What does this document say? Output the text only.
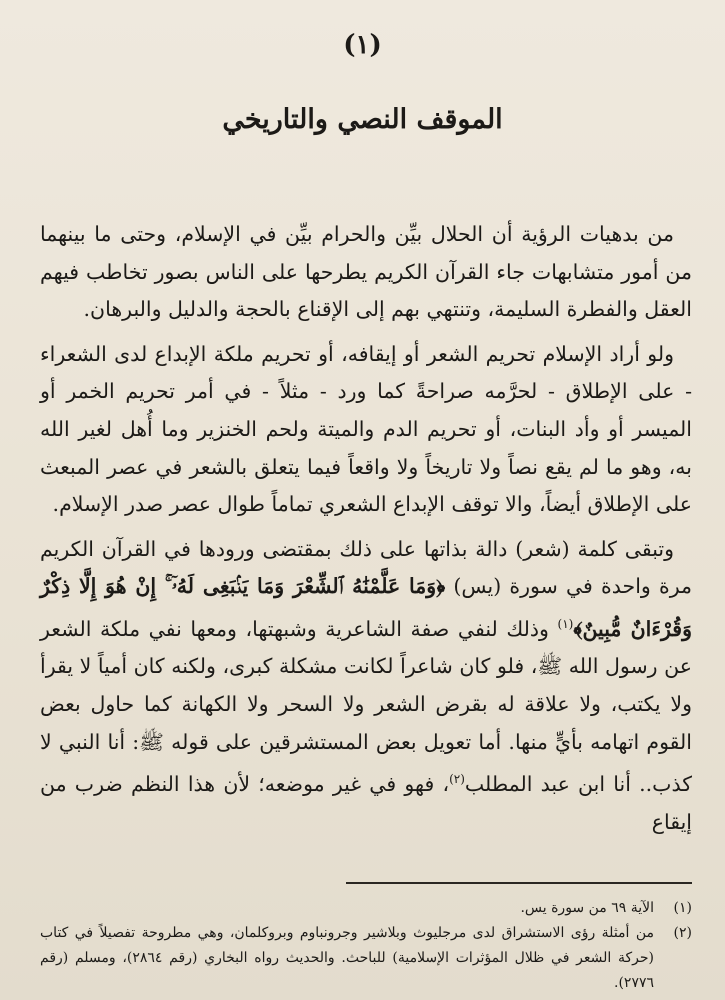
(١)
الموقف النصي والتاريخي

من بدهيات الرؤية أن الحلال بيِّن والحرام بيِّن في الإسلام، وحتى ما بينهما من أمور متشابهات جاء القرآن الكريم يطرحها على الناس بصور تخاطب فيهم العقل والفطرة السليمة، وتنتهي بهم إلى الإقناع بالحجة والدليل والبرهان.

ولو أراد الإسلام تحريم الشعر أو إيقافه، أو تحريم ملكة الإبداع لدى الشعراء - على الإطلاق - لحرَّمه صراحةً كما ورد - مثلاً - في أمر تحريم الخمر أو الميسر أو وأد البنات، أو تحريم الدم والميتة ولحم الخنزير وما أُهل لغير الله به، وهو ما لم يقع نصاً ولا تاريخاً ولا واقعاً فيما يتعلق بالشعر في عصر المبعث على الإطلاق أيضاً، والا توقف الإبداع الشعري تماماً طوال عصر صدر الإسلام.

وتبقى كلمة (شعر) دالة بذاتها على ذلك بمقتضى ورودها في القرآن الكريم مرة واحدة في سورة (يس) ﴿وَمَا عَلَّمْنَٰهُ ٱلشِّعْرَ وَمَا يَنۢبَغِى لَهُۥٓ ۚ إِنْ هُوَ إِلَّا ذِكْرٌ وَقُرْءَانٌ مُّبِينٌ﴾$^{(١)}$ وذلك لنفي صفة الشاعرية وشبهتها، ومعها نفي ملكة الشعر عن رسول الله ﷺ، فلو كان شاعراً لكانت مشكلة كبرى، ولكنه كان أمياً لا يقرأ ولا يكتب، ولا علاقة له بقرض الشعر ولا السحر ولا الكهانة كما حاول بعض القوم اتهامه بأيٍّ منها. أما تعويل بعض المستشرقين على قوله ﷺ: أنا النبي لا كذب.. أنا ابن عبد المطلب$^{(٢)}$، فهو في غير موضعه؛ لأن هذا النظم ضرب من إيقاع

(١)
الآية ٦٩ من سورة يس.
(٢)
من أمثلة رؤى الاستشراق لدى مرجليوث وبلاشير وجرونباوم وبروكلمان، وهي مطروحة تفصيلاً في كتاب (حركة الشعر في ظلال المؤثرات الإسلامية) للباحث. والحديث رواه البخاري (رقم ٢٨٦٤)، ومسلم (رقم ٢٧٧٦).
